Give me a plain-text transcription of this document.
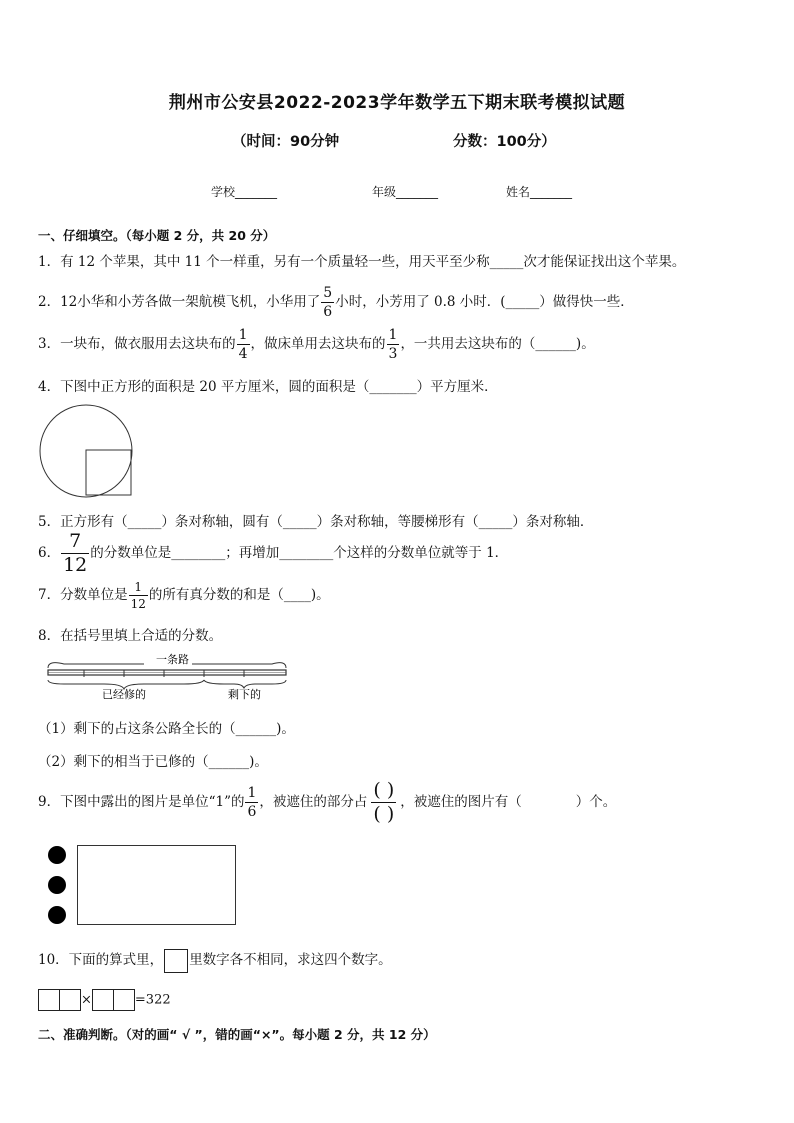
荆州市公安县2022-2023学年数学五下期末联考模拟试题
（时间：90分钟	分数：100分）
学校_______	年级_______	姓名_______
一、仔细填空。（每小题 2 分，共 20 分）
1．有 12 个苹果，其中 11 个一样重，另有一个质量轻一些，用天平至少称_____次才能保证找出这个苹果。
2．12小华和小芳各做一架航模飞机，小华用了 $\frac{5}{6}$ 小时，小芳用了 0.8 小时．(_____）做得快一些．
3．一块布，做衣服用去这块布的 $\frac{1}{4}$ ，做床单用去这块布的 $\frac{1}{3}$ ，一共用去这块布的（______)。
4．下图中正方形的面积是 20 平方厘米，圆的面积是（_______）平方厘米．
5．正方形有（_____）条对称轴，圆有（_____）条对称轴，等腰梯形有（_____）条对称轴．
6． $\frac{7}{12}$ 的分数单位是________；再增加________个这样的分数单位就等于 1．
7．分数单位是 $\frac{1}{12}$ 的所有真分数的和是（____)。
8．在括号里填上合适的分数。
一条路
已经修的	剩下的
（1）剩下的占这条公路全长的（______)。
（2）剩下的相当于已修的（______)。
9．下图中露出的图片是单位“1”的 $\frac{1}{6}$ ，被遮住的部分占 $\frac{( )}{( )}$ ，被遮住的图片有（　　　　）个。
10．下面的算式里， 里数字各不相同，求这四个数字。
×	=322
二、准确判断。（对的画“ √ ”，错的画“×”。每小题 2 分，共 12 分）
